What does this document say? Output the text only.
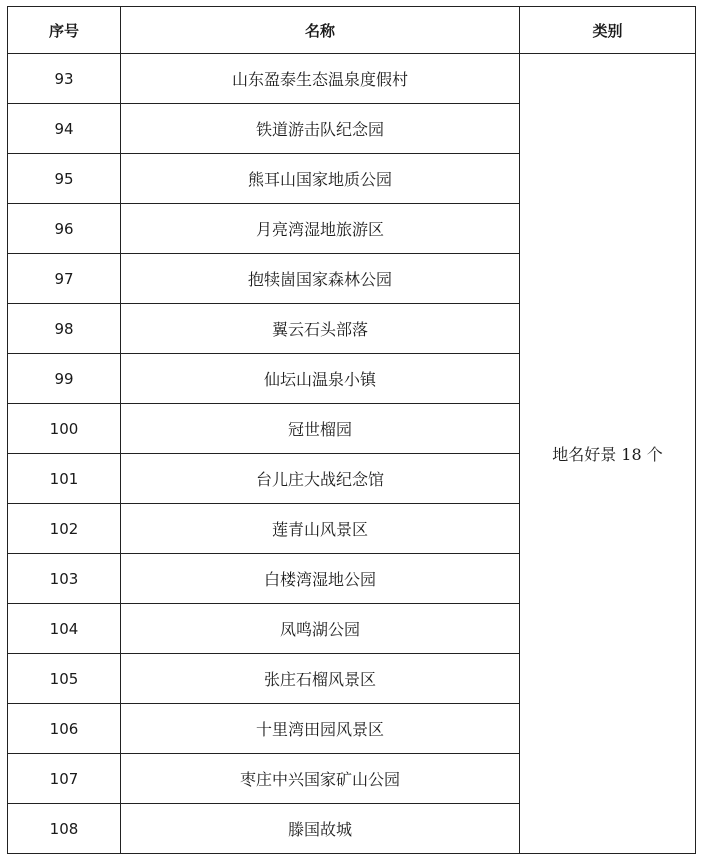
序号	名称	类别
93	山东盈泰生态温泉度假村	地名好景 18 个
94	铁道游击队纪念园	
95	熊耳山国家地质公园	
96	月亮湾湿地旅游区	
97	抱犊崮国家森林公园	
98	翼云石头部落	
99	仙坛山温泉小镇	
100	冠世榴园	
101	台儿庄大战纪念馆	
102	莲青山风景区	
103	白楼湾湿地公园	
104	凤鸣湖公园	
105	张庄石榴风景区	
106	十里湾田园风景区	
107	枣庄中兴国家矿山公园	
108	滕国故城	
